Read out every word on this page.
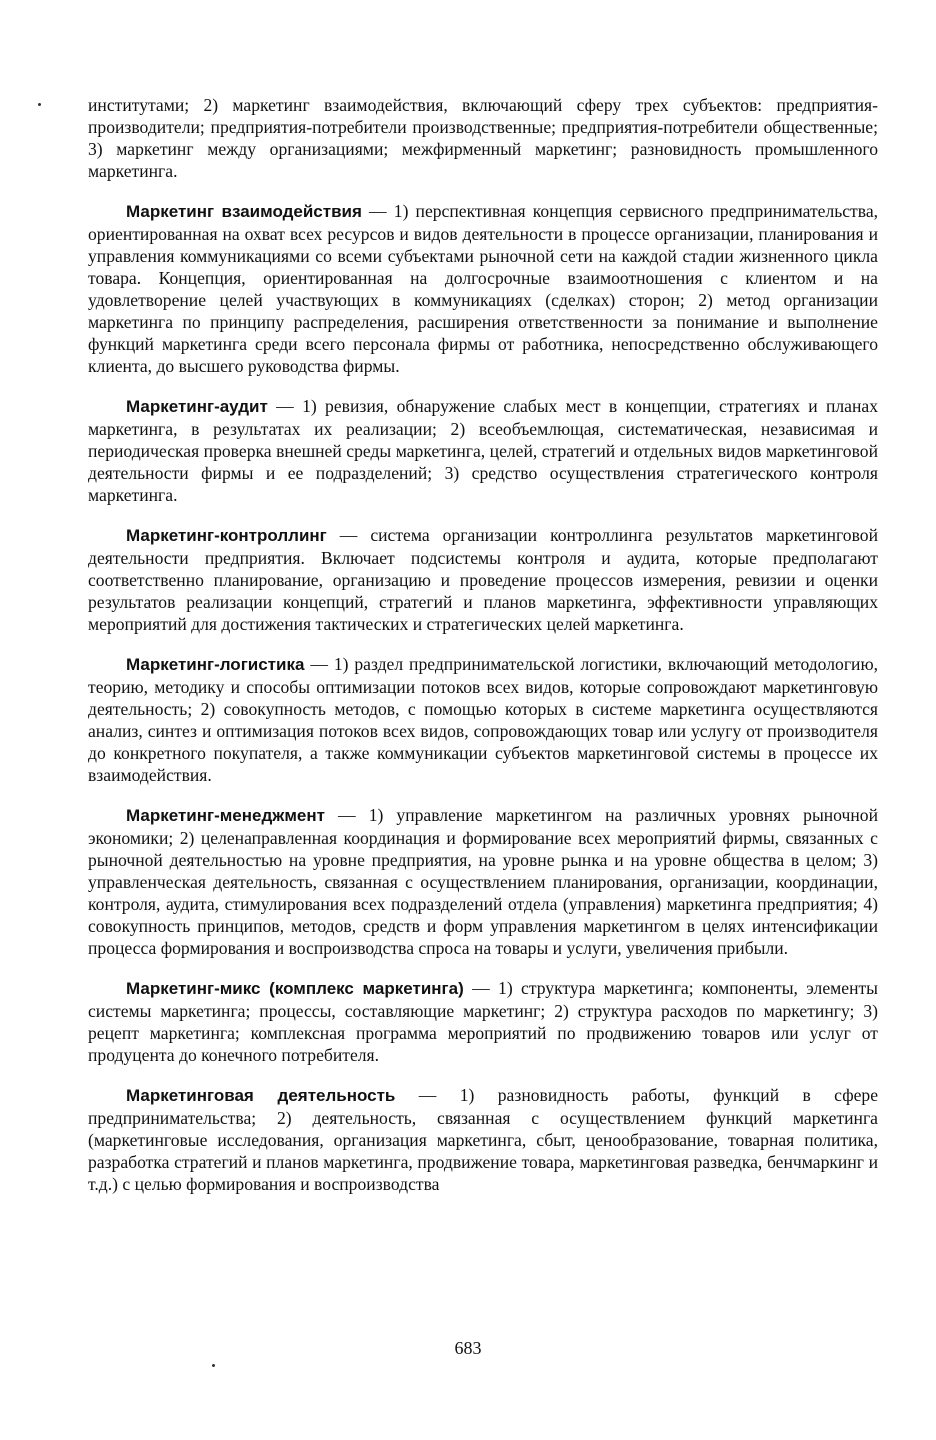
институтами; 2) маркетинг взаимодействия, включающий сферу трех субъектов: предприятия-производители; предприятия-потребители производственные; предприятия-потребители общественные; 3) маркетинг между организациями; межфирменный маркетинг; разновидность промышленного маркетинга.

Маркетинг взаимодействия — 1) перспективная концепция сервисного предпринимательства, ориентированная на охват всех ресурсов и видов деятельности в процессе организации, планирования и управления коммуникациями со всеми субъектами рыночной сети на каждой стадии жизненного цикла товара. Концепция, ориентированная на долгосрочные взаимоотношения с клиентом и на удовлетворение целей участвующих в коммуникациях (сделках) сторон; 2) метод организации маркетинга по принципу распределения, расширения ответственности за понимание и выполнение функций маркетинга среди всего персонала фирмы от работника, непосредственно обслуживающего клиента, до высшего руководства фирмы.

Маркетинг-аудит — 1) ревизия, обнаружение слабых мест в концепции, стратегиях и планах маркетинга, в результатах их реализации; 2) всеобъемлющая, систематическая, независимая и периодическая проверка внешней среды маркетинга, целей, стратегий и отдельных видов маркетинговой деятельности фирмы и ее подразделений; 3) средство осуществления стратегического контроля маркетинга.

Маркетинг-контроллинг — система организации контроллинга результатов маркетинговой деятельности предприятия. Включает подсистемы контроля и аудита, которые предполагают соответственно планирование, организацию и проведение процессов измерения, ревизии и оценки результатов реализации концепций, стратегий и планов маркетинга, эффективности управляющих мероприятий для достижения тактических и стратегических целей маркетинга.

Маркетинг-логистика — 1) раздел предпринимательской логистики, включающий методологию, теорию, методику и способы оптимизации потоков всех видов, которые сопровождают маркетинговую деятельность; 2) совокупность методов, с помощью которых в системе маркетинга осуществляются анализ, синтез и оптимизация потоков всех видов, сопровождающих товар или услугу от производителя до конкретного покупателя, а также коммуникации субъектов маркетинговой системы в процессе их взаимодействия.

Маркетинг-менеджмент — 1) управление маркетингом на различных уровнях рыночной экономики; 2) целенаправленная координация и формирование всех мероприятий фирмы, связанных с рыночной деятельностью на уровне предприятия, на уровне рынка и на уровне общества в целом; 3) управленческая деятельность, связанная с осуществлением планирования, организации, координации, контроля, аудита, стимулирования всех подразделений отдела (управления) маркетинга предприятия; 4) совокупность принципов, методов, средств и форм управления маркетингом в целях интенсификации процесса формирования и воспроизводства спроса на товары и услуги, увеличения прибыли.

Маркетинг-микс (комплекс маркетинга) — 1) структура маркетинга; компоненты, элементы системы маркетинга; процессы, составляющие маркетинг; 2) структура расходов по маркетингу; 3) рецепт маркетинга; комплексная программа мероприятий по продвижению товаров или услуг от продуцента до конечного потребителя.

Маркетинговая деятельность — 1) разновидность работы, функций в сфере предпринимательства; 2) деятельность, связанная с осуществлением функций маркетинга (маркетинговые исследования, организация маркетинга, сбыт, ценообразование, товарная политика, разработка стратегий и планов маркетинга, продвижение товара, маркетинговая разведка, бенчмаркинг и т.д.) с целью формирования и воспроизводства

683
